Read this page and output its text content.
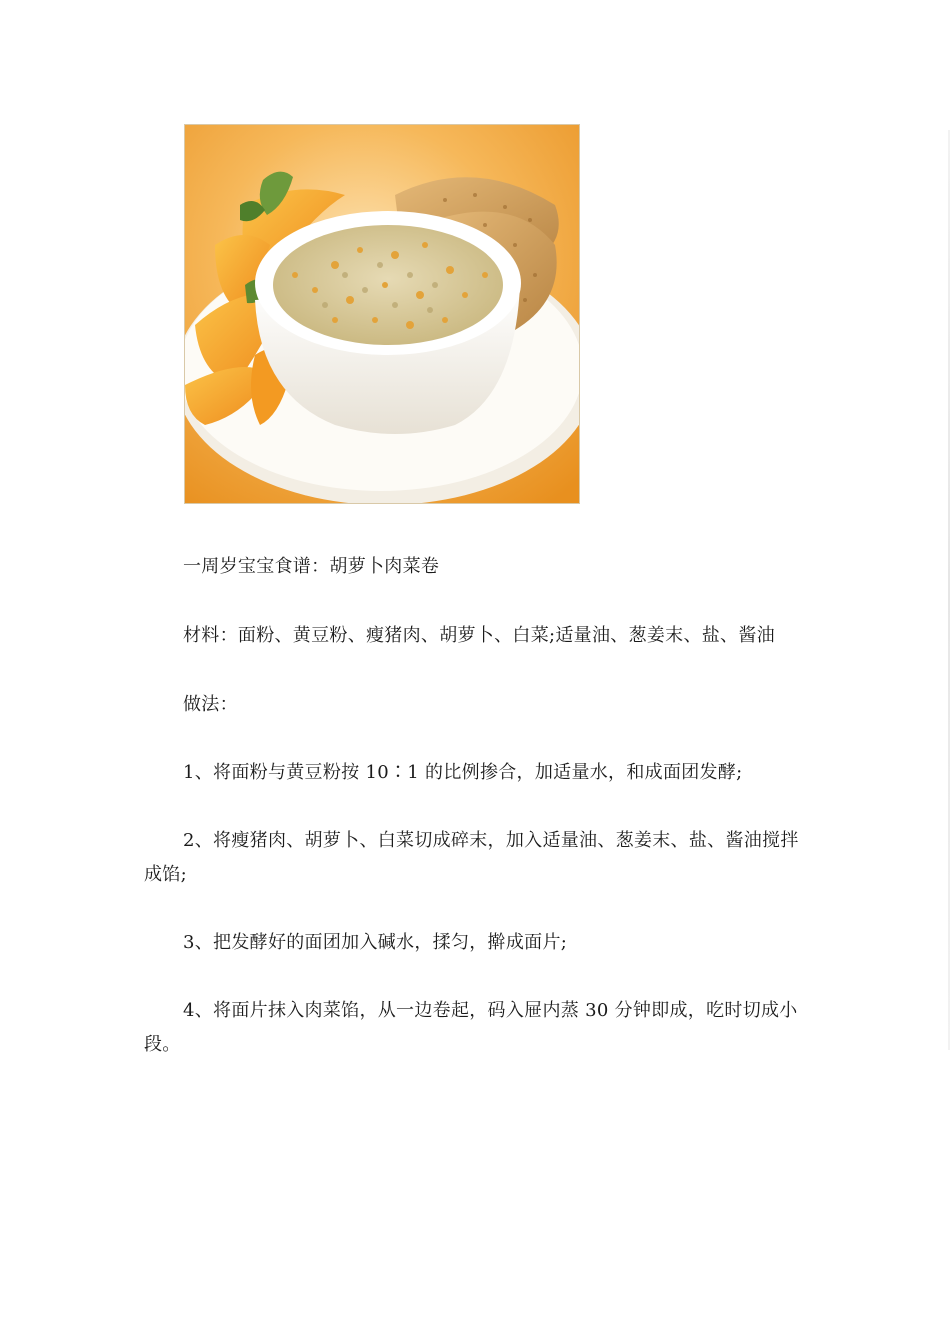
一周岁宝宝食谱：胡萝卜肉菜卷

材料：面粉、黄豆粉、瘦猪肉、胡萝卜、白菜;适量油、葱姜末、盐、酱油

做法：

1、将面粉与黄豆粉按 10∶1 的比例掺合，加适量水，和成面团发酵;

2、将瘦猪肉、胡萝卜、白菜切成碎末，加入适量油、葱姜末、盐、酱油搅拌成馅;

3、把发酵好的面团加入碱水，揉匀，擀成面片;

4、将面片抹入肉菜馅，从一边卷起，码入屉内蒸 30 分钟即成，吃时切成小段。
